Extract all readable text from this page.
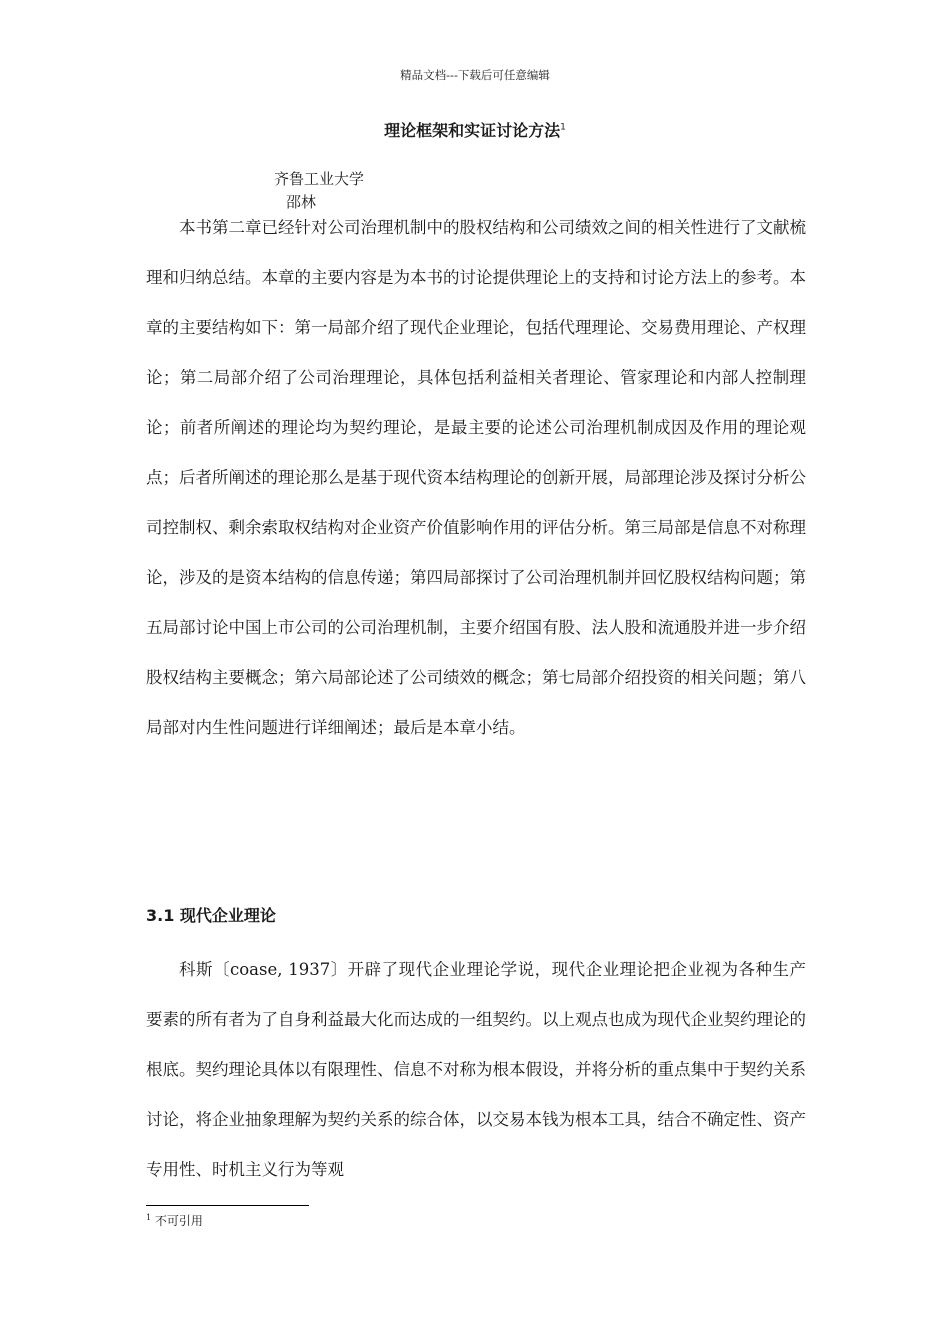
精品文档---下载后可任意编辑
理论框架和实证讨论方法$^1$
齐鲁工业大学
邵林

本书第二章已经针对公司治理机制中的股权结构和公司绩效之间的相关性进行了文献梳理和归纳总结。本章的主要内容是为本书的讨论提供理论上的支持和讨论方法上的参考。本章的主要结构如下：第一局部介绍了现代企业理论，包括代理理论、交易费用理论、产权理论；第二局部介绍了公司治理理论，具体包括利益相关者理论、管家理论和内部人控制理论；前者所阐述的理论均为契约理论，是最主要的论述公司治理机制成因及作用的理论观点；后者所阐述的理论那么是基于现代资本结构理论的创新开展，局部理论涉及探讨分析公司控制权、剩余索取权结构对企业资产价值影响作用的评估分析。第三局部是信息不对称理论，涉及的是资本结构的信息传递；第四局部探讨了公司治理机制并回忆股权结构问题；第五局部讨论中国上市公司的公司治理机制，主要介绍国有股、法人股和流通股并进一步介绍股权结构主要概念；第六局部论述了公司绩效的概念；第七局部介绍投资的相关问题；第八局部对内生性问题进行详细阐述；最后是本章小结。

3.1 现代企业理论

科斯〔coase, 1937〕开辟了现代企业理论学说，现代企业理论把企业视为各种生产要素的所有者为了自身利益最大化而达成的一组契约。以上观点也成为现代企业契约理论的根底。契约理论具体以有限理性、信息不对称为根本假设，并将分析的重点集中于契约关系讨论，将企业抽象理解为契约关系的综合体，以交易本钱为根本工具，结合不确定性、资产专用性、时机主义行为等观

$^1$ 不可引用
